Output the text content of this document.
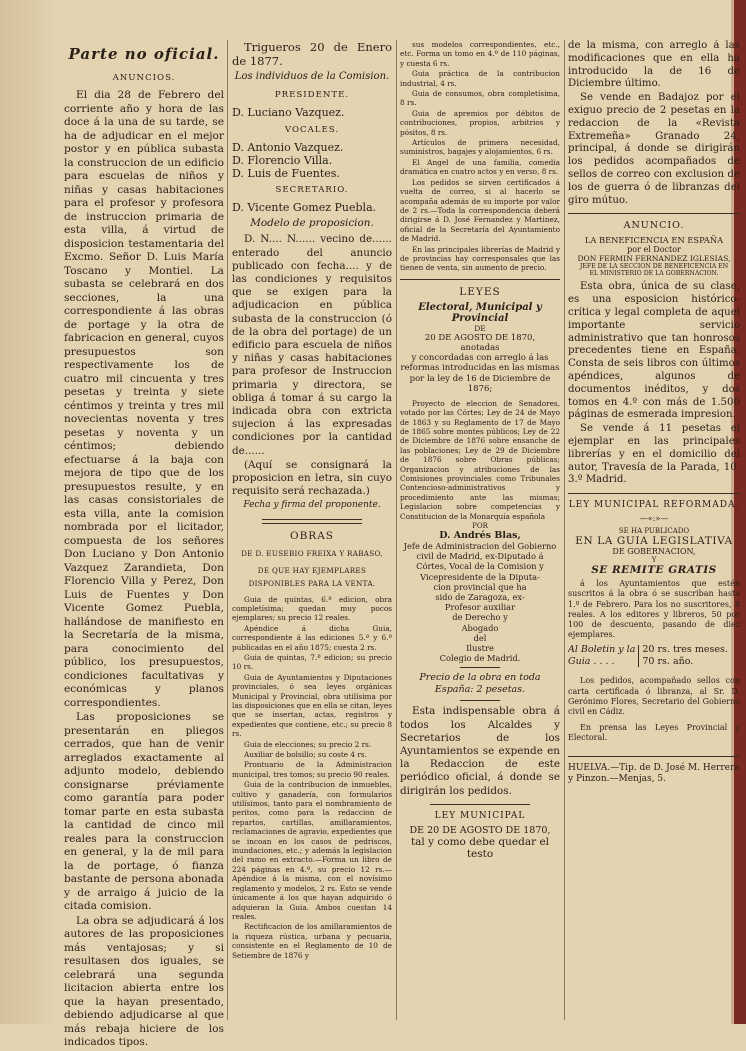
Parte no oficial.
ANUNCIOS.

El dia 28 de Febrero del corriente año y hora de las doce á la una de su tarde, se ha de adjudicar en el mejor postor y en pública subasta la construccion de un edificio para escuelas de niños y niñas y casas habitaciones para el profesor y profesora de instruccion primaria de esta villa, á virtud de disposicion testamentaria del Excmo. Señor D. Luis María Toscano y Montiel. La subasta se celebrará en dos secciones, la una correspondiente á las obras de portage y la otra de fabricacion en general, cuyos presupuestos son respectivamente los de cuatro mil cincuenta y tres pesetas y treinta y siete céntimos y treinta y tres mil novecientas noventa y tres pesetas y noventa y un céntimos; debiendo efectuarse á la baja con mejora de tipo que de los presupuestos resulte, y en las casas consistoriales de esta villa, ante la comision nombrada por el licitador, compuesta de los señores Don Luciano y Don Antonio Vazquez Zarandieta, Don Florencio Villa y Perez, Don Luis de Fuentes y Don Vicente Gomez Puebla, hallándose de manifiesto en la Secretaría de la misma, para conocimiento del público, los presupuestos, condiciones facultativas y económicas y planos correspondientes.

Las proposiciones se presentarán en pliegos cerrados, que han de venir arreglados exactamente al adjunto modelo, debiendo consignarse préviamente como garantía para poder tomar parte en esta subasta la cantidad de cinco mil reales para la construccion en general, y la de mil para la de portage, ó fianza bastante de persona abonada y de arraigo á juicio de la citada comision.

La obra se adjudicará á los autores de las proposiciones más ventajosas; y si resultasen dos iguales, se celebrará una segunda licitacion abierta entre los que la hayan presentado, debiendo adjudicarse al que más rebaja hiciere de los indicados tipos.

Trigueros 20 de Enero de 1877.

Los individuos de la Comision.
PRESIDENTE.
D. Luciano Vazquez.
VOCALES.
D. Antonio Vazquez.
D. Florencio Villa.
D. Luis de Fuentes.
SECRETARIO.
D. Vicente Gomez Puebla.
Modelo de proposicion.

D. N.... N...... vecino de...... enterado del anuncio publicado con fecha.... y de las condiciones y requisitos que se exigen para la adjudicacion en pública subasta de la construccion (ó de la obra del portage) de un edificio para escuela de niños y niñas y casas habitaciones para profesor de Instruccion primaria y directora, se obliga á tomar á su cargo la indicada obra con extricta sujecion á las expresadas condiciones por la cantidad de......

(Aquí se consignará la proposicion en letra, sin cuyo requisito será rechazada.)

Fecha y firma del proponente.
OBRAS
DE D. EUSEBIO FREIXA Y RABASO,
DE QUE HAY EJEMPLARES DISPONIBLES PARA LA VENTA.

Guia de quintas, 6.ª edicion, obra completísima; quedan muy pocos ejemplares; su precio 12 reales.

Apéndice á dicha Guia, correspondiente á las ediciones 5.ª y 6.ª publicadas en el año 1875; cuesta 2 rs.

Guia de quintas, 7.ª edicion; su precio 10 rs.

Guia de Ayuntamientos y Diputaciones provinciales, ó sea leyes orgánicas Municipal y Provincial, obra utilísima por las disposiciones que en ella se citan, leyes que se insertan, actas, registros y expedientes que contiene, etc.; su precio 8 rs.

Guia de elecciones; su precio 2 rs.

Auxiliar de bolsillo; su coste 4 rs.

Prontuario de la Administracion municipal, tres tomos; su precio 90 reales.

Guia de la contribucion de inmuebles, cultivo y ganadería, con formularios utilísimos, tanto para el nombramiento de peritos, como para la redaccion de repartos, cartillas, amillaramientos, reclamaciones de agravio, expedientes que se incoan en los casos de pedriscos, inundaciones, etc.; y además la legislacion del ramo en extracto.—Forma un libro de 224 páginas en 4.º, su precio 12 rs.—Apéndice á la misma, con el novísimo reglamento y modelos, 2 rs. Esto se vende únicamente á los que hayan adquirido ó adquieran la Guia. Ambos cuestan 14 reales.

Rectificacion de los amillaramientos de la riqueza rústica, urbana y pecuaria, consistente en el Reglamento de 10 de Setiembre de 1876 y

sus modelos correspondientes, etc., etc. Forma un tomo en 4.º de 110 páginas, y cuesta 6 rs.

Guia práctica de la contribucion industrial, 4 rs.

Guia de consumos, obra completísima, 8 rs.

Guia de apremios por débitos de contribuciones, propios, arbitrios y pósitos, 8 rs.

Artículos de primera necesidad, suministros, bagajes y alojamientos, 6 rs.

El Angel de una familia, comedia dramática en cuatro actos y en verso, 8 rs.

Los pedidos se sirven certificados á vuelta de correo, si al hacerlo se acompaña además de su importe por valor de 2 rs.—Toda la correspondencia deberá dirigirse á D. José Fernandez y Martinez, oficial de la Secretaría del Ayuntamiento de Madrid.

En las principales librerías de Madrid y de provincias hay corresponsales que las tienen de venta, sin aumento de precio.

LEYES
Electoral, Municipal y Provincial
DE
20 DE AGOSTO DE 1870,
anotadas
y concordadas con arreglo á las reformas introducidas en las mismas por la ley de 16 de Diciembre de 1876;

Proyecto de eleccion de Senadores, votado por las Córtes; Ley de 24 de Mayo de 1863 y su Reglamento de 17 de Mayo de 1865 sobre montes públicos; Ley de 22 de Diciembre de 1876 sobre ensanche de las poblaciones; Ley de 29 de Diciembre de 1876 sobre Obras públicas; Organizacion y atribuciones de las Comisiones provinciales como Tribunales Contencioso-administrativos y procedimiento ante las mismas; Legislacion sobre competencias y Constitucion de la Monarquía española

POR
D. Andrés Blas,
Jefe de Administracion del Gobierno
civil de Madrid, ex-Diputado á
Córtes, Vocal de la Comision y
Vicepresidente de la Diputa-
cion provincial que ha
sido de Zaragoza, ex-
Profesor auxiliar
de Derecho y
Abogado
del
Ilustre
Colegio de Madrid.
Precio de la obra en toda España: 2 pesetas.

Esta indispensable obra á todos los Alcaldes y Secretarios de los Ayuntamientos se expende en la Redaccion de este periódico oficial, á donde se dirigirán los pedidos.

LEY MUNICIPAL
DE 20 DE AGOSTO DE 1870,
tal y como debe quedar el testo

de la misma, con arreglo á las modificaciones que en ella ha introducido la de 16 de Diciembre último.

Se vende en Badajoz por el exiguo precio de 2 pesetas en la redaccion de la «Revista Extremeña» Granado 24, principal, á donde se dirigirán los pedidos acompañados de sellos de correo con exclusion de los de guerra ó de libranzas del giro mútuo.

ANUNCIO.
LA BENEFICENCIA EN ESPAÑA
por el Doctor
DON FERMIN FERNANDEZ IGLESIAS,
JEFE DE LA SECCION DE BENEFICENCIA EN
EL MINISTERIO DE LA GOBERNACION.

Esta obra, única de su clase, es una esposicion histórico-crítica y legal completa de aquel importante servicio administrativo que tan honrosos precedentes tiene en España. Consta de seis libros con últimos apéndices, algunos de documentos inéditos, y dos tomos en 4.º con más de 1.500 páginas de esmerada impresion.

Se vende á 11 pesetas el ejemplar en las principales librerías y en el domicilio del autor, Travesía de la Parada, 10. 3.º Madrid.

LEY MUNICIPAL REFORMADA.
—«:»—
SE HA PUBLICADO
EN LA GUIA LEGISLATIVA
DE GOBERNACION,
Y
SE REMITE GRATIS

á los Ayuntamientos que estén suscritos á la obra ó se suscriban hasta 1.º de Febrero. Para los no suscritores, 8 reales. A los editores y libreros, 50 por 100 de descuento, pasando de diez ejemplares.

Al Boletin y la
Guia . . . .
20 rs. tres meses.
70 rs. año.

Los pedidos, acompañado sellos con carta certificada ó libranza, al Sr. D. Gerónimo Flores, Secretario del Gobierno civil en Cádiz.

En prensa las Leyes Provincial y Electoral.

HUELVA.—Tip. de D. José M. Herrera y Pinzon.—Menjas, 5.
